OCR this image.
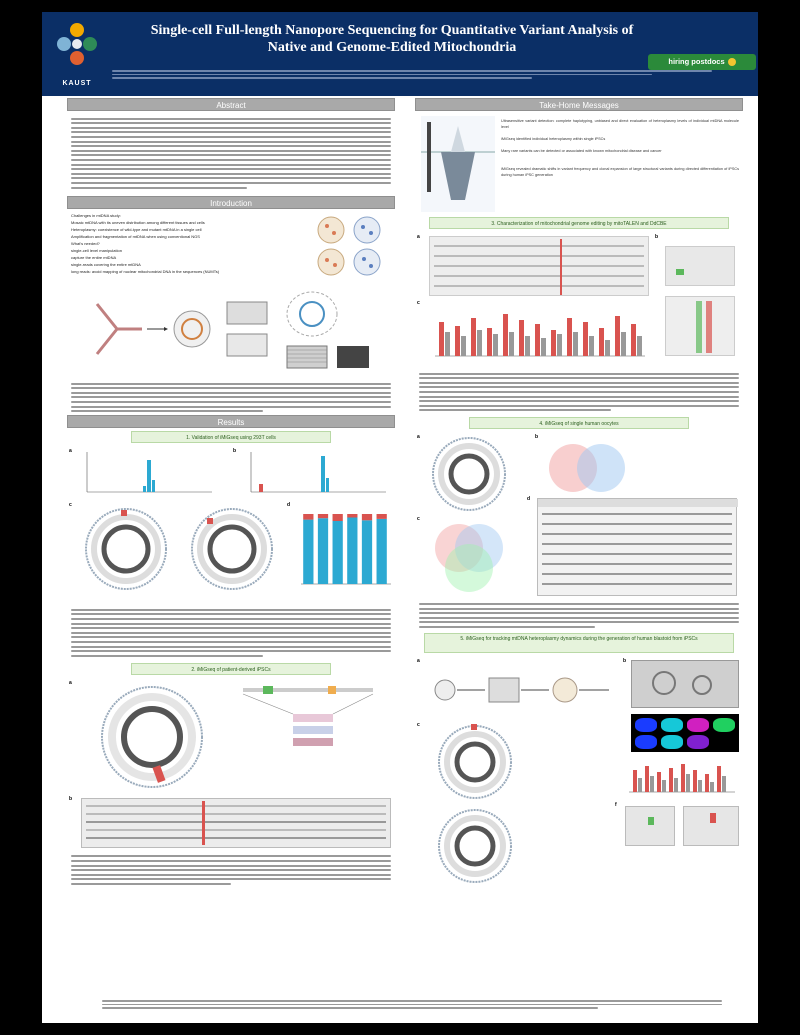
KAUST
Single-cell Full-length Nanopore Sequencing for Quantitative Variant Analysis of
Native and Genome-Edited Mitochondria
hiring postdocs
Abstract
Introduction
Challenges in mtDNA study:
Mosaic mtDNA with its uneven distribution among different tissues and cells
Heteroplasmy: coexistence of wild-type and mutant mtDNA in a single cell
Amplification and fragmentation of mtDNA when using conventional NGS
What's needed?
single-cell level manipulation
capture the entire mtDNA
single-reads covering the entire mtDNA
long reads: avoid mapping of nuclear mitochondrial DNA in the sequences (NUMTs)
Results
1. Validation of iMiGseq using 293T cells
a	b
c	d
2. iMiGseq of patient-derived iPSCs
a
b
Take-Home Messages
Ultrasensitive variant detection: complete haplotyping, unbiased and direct evaluation of heteroplasmy levels of individual mtDNA molecule level
iMiGseq identified individual heteroplasmy within single iPSCs
Many rare variants can be detected or associated with known mitochondrial disease and cancer
iMiGseq revealed dramatic shifts in variant frequency and clonal expansion of large structural variants during directed differentiation of iPSCs during human iPSC generation
3. Characterization of mitochondrial genome editing by mitoTALEN and DdCBE
a	b
c
4. iMiGseq of single human oocytes
a	b
c
d
5. iMiGseq for tracking mtDNA heteroplasmy dynamics during the generation of human blastoid from iPSCs
a	b
c
f
